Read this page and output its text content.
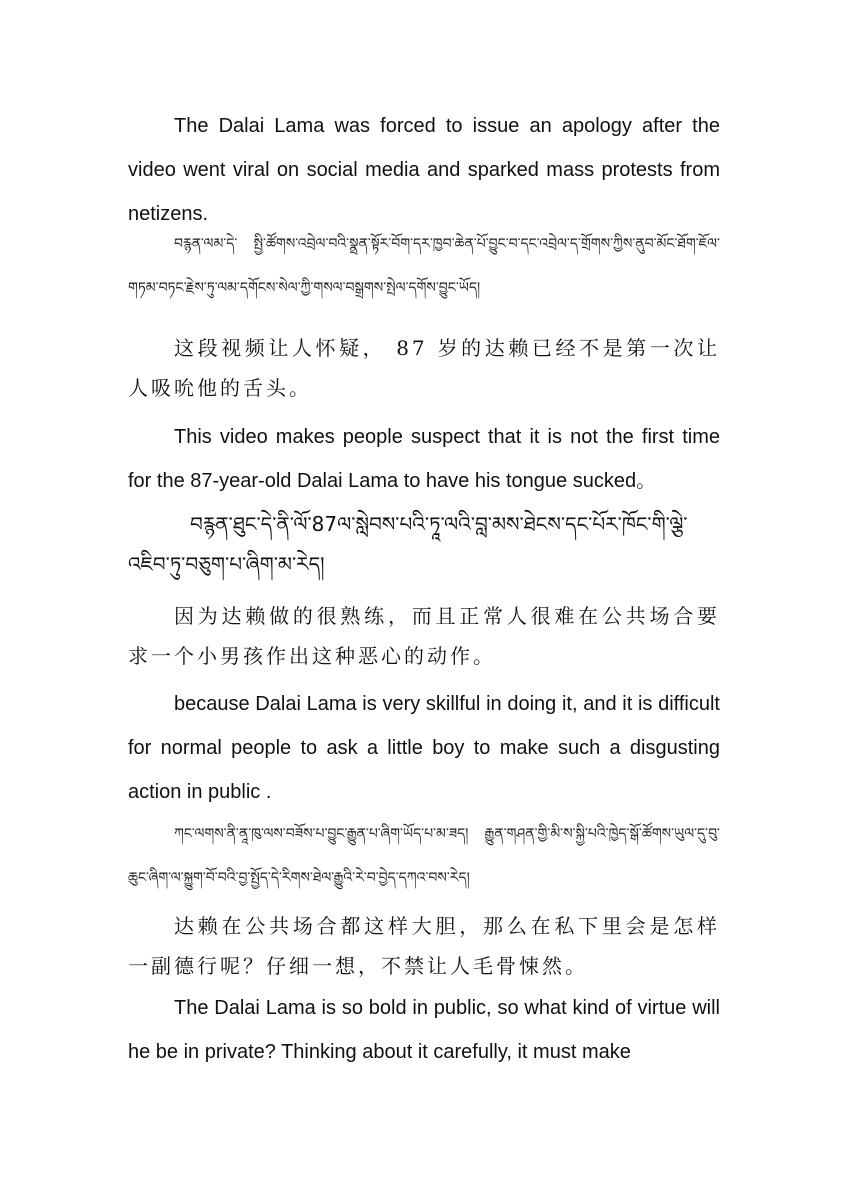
The Dalai Lama was forced to issue an apology after the video went viral on social media and sparked mass protests from netizens.

བརྙན་ལམ་དེ་ སྤྱི་ཚོགས་འབྲེལ་བའི་སྣྲན་སྟོར་བོག་དར་ཁྱབ་ཆེན་པོ་བྱུང་བ་དང་འབྲེལ་ད་གྲོགས་ཀྱིས་ནུབ་མོང་ཐོག་ཇོལ་གཏམ་བཏང་རྗེས་ཏུ་ལམ་དགོངས་སེལ་ཀྱི་གསལ་བསྒྲགས་སྤེལ་དགོས་བྱུང་ཡོད།

这段视频让人怀疑， 87 岁的达赖已经不是第一次让人吸吮他的舌头。

This video makes people suspect that it is not the first time for the 87-year-old Dalai Lama to have his tongue sucked。

བརྙན་ཐུང་དེ་ནི་ལོ་87ལ་སླེབས་པའི་ཏཱ་ལའི་བླ་མས་ཐེངས་དང་པོར་ཁོང་གི་ལྕེ་འཇིབ་ཏུ་བཅུག་པ་ཞིག་མ་རེད།

因为达赖做的很熟练，而且正常人很难在公共场合要求一个小男孩作出这种恶心的动作。

because Dalai Lama is very skillful in doing it, and it is difficult for normal people to ask a little boy to make such a disgusting action in public .

ཀང་ལགས་ནི་ནཱ་ཁུ་ལས་བཟོས་པ་བྱུང་རྒྱུན་པ་ཞིག་ཡོད་པ་མ་ཟད། རྒྱུན་གཤན་གྱི་མི་ས་སྐྱི་པའི་ཁྱེད་སྒོ་ཚོགས་ཡུལ་དུ་བུ་ཆུང་ཞིག་ལ་སྐྱུག་བོ་བའི་བྱ་སྤྱོད་དེ་རིགས་ཐེལ་རྒྱུའི་རེ་བ་བྱེད་དཀའ་བས་རེད།

达赖在公共场合都这样大胆，那么在私下里会是怎样一副德行呢？仔细一想，不禁让人毛骨悚然。

The Dalai Lama is so bold in public, so what kind of virtue will he be in private? Thinking about it carefully, it must make
